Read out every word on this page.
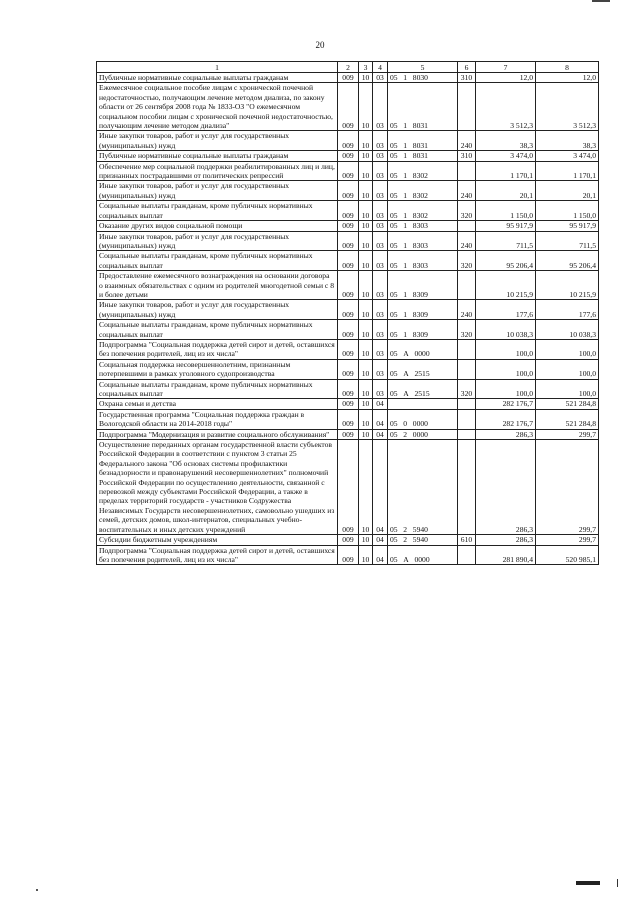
20
1	2	3	4	5	6	7	8
Публичные нормативные социальные выплаты гражданам	009	10	03	05   1   8030	310	12,0	12,0
Ежемесячное социальное пособие лицам с хронической почечной недостаточностью, получающим лечение методом диализа, по закону области от 26 сентября 2008 года № 1833-ОЗ "О ежемесячном социальном пособии лицам с хронической почечной недостаточностью, получающим лечение методом диализа"	009	10	03	05   1   8031		3 512,3	3 512,3
Иные закупки товаров, работ и услуг для государственных (муниципальных) нужд	009	10	03	05   1   8031	240	38,3	38,3
Публичные нормативные социальные выплаты гражданам	009	10	03	05   1   8031	310	3 474,0	3 474,0
Обеспечение мер социальной поддержки реабилитированных лиц и лиц, признанных пострадавшими от политических репрессий	009	10	03	05   1   8302		1 170,1	1 170,1
Иные закупки товаров, работ и услуг для государственных (муниципальных) нужд	009	10	03	05   1   8302	240	20,1	20,1
Социальные выплаты гражданам, кроме публичных нормативных социальных выплат	009	10	03	05   1   8302	320	1 150,0	1 150,0
Оказание других видов социальной помощи	009	10	03	05   1   8303		95 917,9	95 917,9
Иные закупки товаров, работ и услуг для государственных (муниципальных) нужд	009	10	03	05   1   8303	240	711,5	711,5
Социальные выплаты гражданам, кроме публичных нормативных социальных выплат	009	10	03	05   1   8303	320	95 206,4	95 206,4
Предоставление ежемесячного вознаграждения на основании договора о взаимных обязательствах с одним из родителей многодетной семьи с 8 и более детьми	009	10	03	05   1   8309		10 215,9	10 215,9
Иные закупки товаров, работ и услуг для государственных (муниципальных) нужд	009	10	03	05   1   8309	240	177,6	177,6
Социальные выплаты гражданам, кроме публичных нормативных социальных выплат	009	10	03	05   1   8309	320	10 038,3	10 038,3
Подпрограмма "Социальная поддержка детей сирот и детей, оставшихся без попечения родителей, лиц из их числа"	009	10	03	05   А   0000		100,0	100,0
Социальная поддержка несовершеннолетним, признанным потерпевшими в рамках уголовного судопроизводства	009	10	03	05   А   2515		100,0	100,0
Социальные выплаты гражданам, кроме публичных нормативных социальных выплат	009	10	03	05   А   2515	320	100,0	100,0
Охрана семьи и детства	009	10	04			282 176,7	521 284,8
Государственная программа "Социальная поддержка граждан в Вологодской области на 2014-2018 годы"	009	10	04	05   0   0000		282 176,7	521 284,8
Подпрограмма "Модернизация и развитие социального обслуживания"	009	10	04	05   2   0000		286,3	299,7
Осуществление переданных органам государственной власти субъектов Российской Федерации в соответствии с пунктом 3 статьи 25 Федерального закона "Об основах системы профилактики безнадзорности и правонарушений несовершеннолетних" полномочий Российской Федерации по осуществлению деятельности, связанной с перевозкой между субъектами Российской Федерации, а также в пределах территорий государств - участников Содружества Независимых Государств несовершеннолетних, самовольно ушедших из семей, детских домов, школ-интернатов, специальных учебно-воспитательных и иных детских учреждений	009	10	04	05   2   5940		286,3	299,7
Субсидии бюджетным учреждениям	009	10	04	05   2   5940	610	286,3	299,7
Подпрограмма "Социальная поддержка детей сирот и детей, оставшихся без попечения родителей, лиц из их числа"	009	10	04	05   А   0000		281 890,4	520 985,1
